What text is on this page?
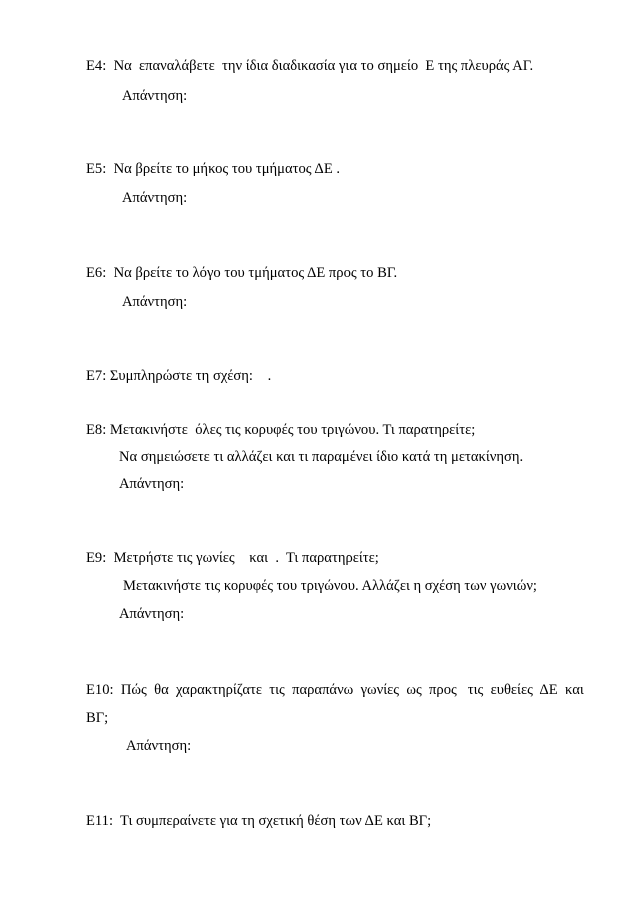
Ε4:  Να  επαναλάβετε  την ίδια διαδικασία για το σημείο  Ε της πλευράς ΑΓ.
Απάντηση:
Ε5:  Να βρείτε το μήκος του τμήματος ΔΕ .
Απάντηση:
Ε6:  Να βρείτε το λόγο του τμήματος ΔΕ προς το ΒΓ.
Απάντηση:
Ε7: Συμπληρώστε τη σχέση:    .
Ε8: Μετακινήστε  όλες τις κορυφές του τριγώνου. Τι παρατηρείτε;
Να σημειώσετε τι αλλάζει και τι παραμένει ίδιο κατά τη μετακίνηση.
Απάντηση:
Ε9:  Μετρήστε τις γωνίες    και  .  Τι παρατηρείτε;
Μετακινήστε τις κορυφές του τριγώνου. Αλλάζει η σχέση των γωνιών;
Απάντηση:
Ε10:  Πώς  θα  χαρακτηρίζατε  τις  παραπάνω  γωνίες  ως  προς   τις  ευθείες  ΔΕ  και
ΒΓ;
Απάντηση:
Ε11:  Τι συμπεραίνετε για τη σχετική θέση των ΔΕ και ΒΓ;
